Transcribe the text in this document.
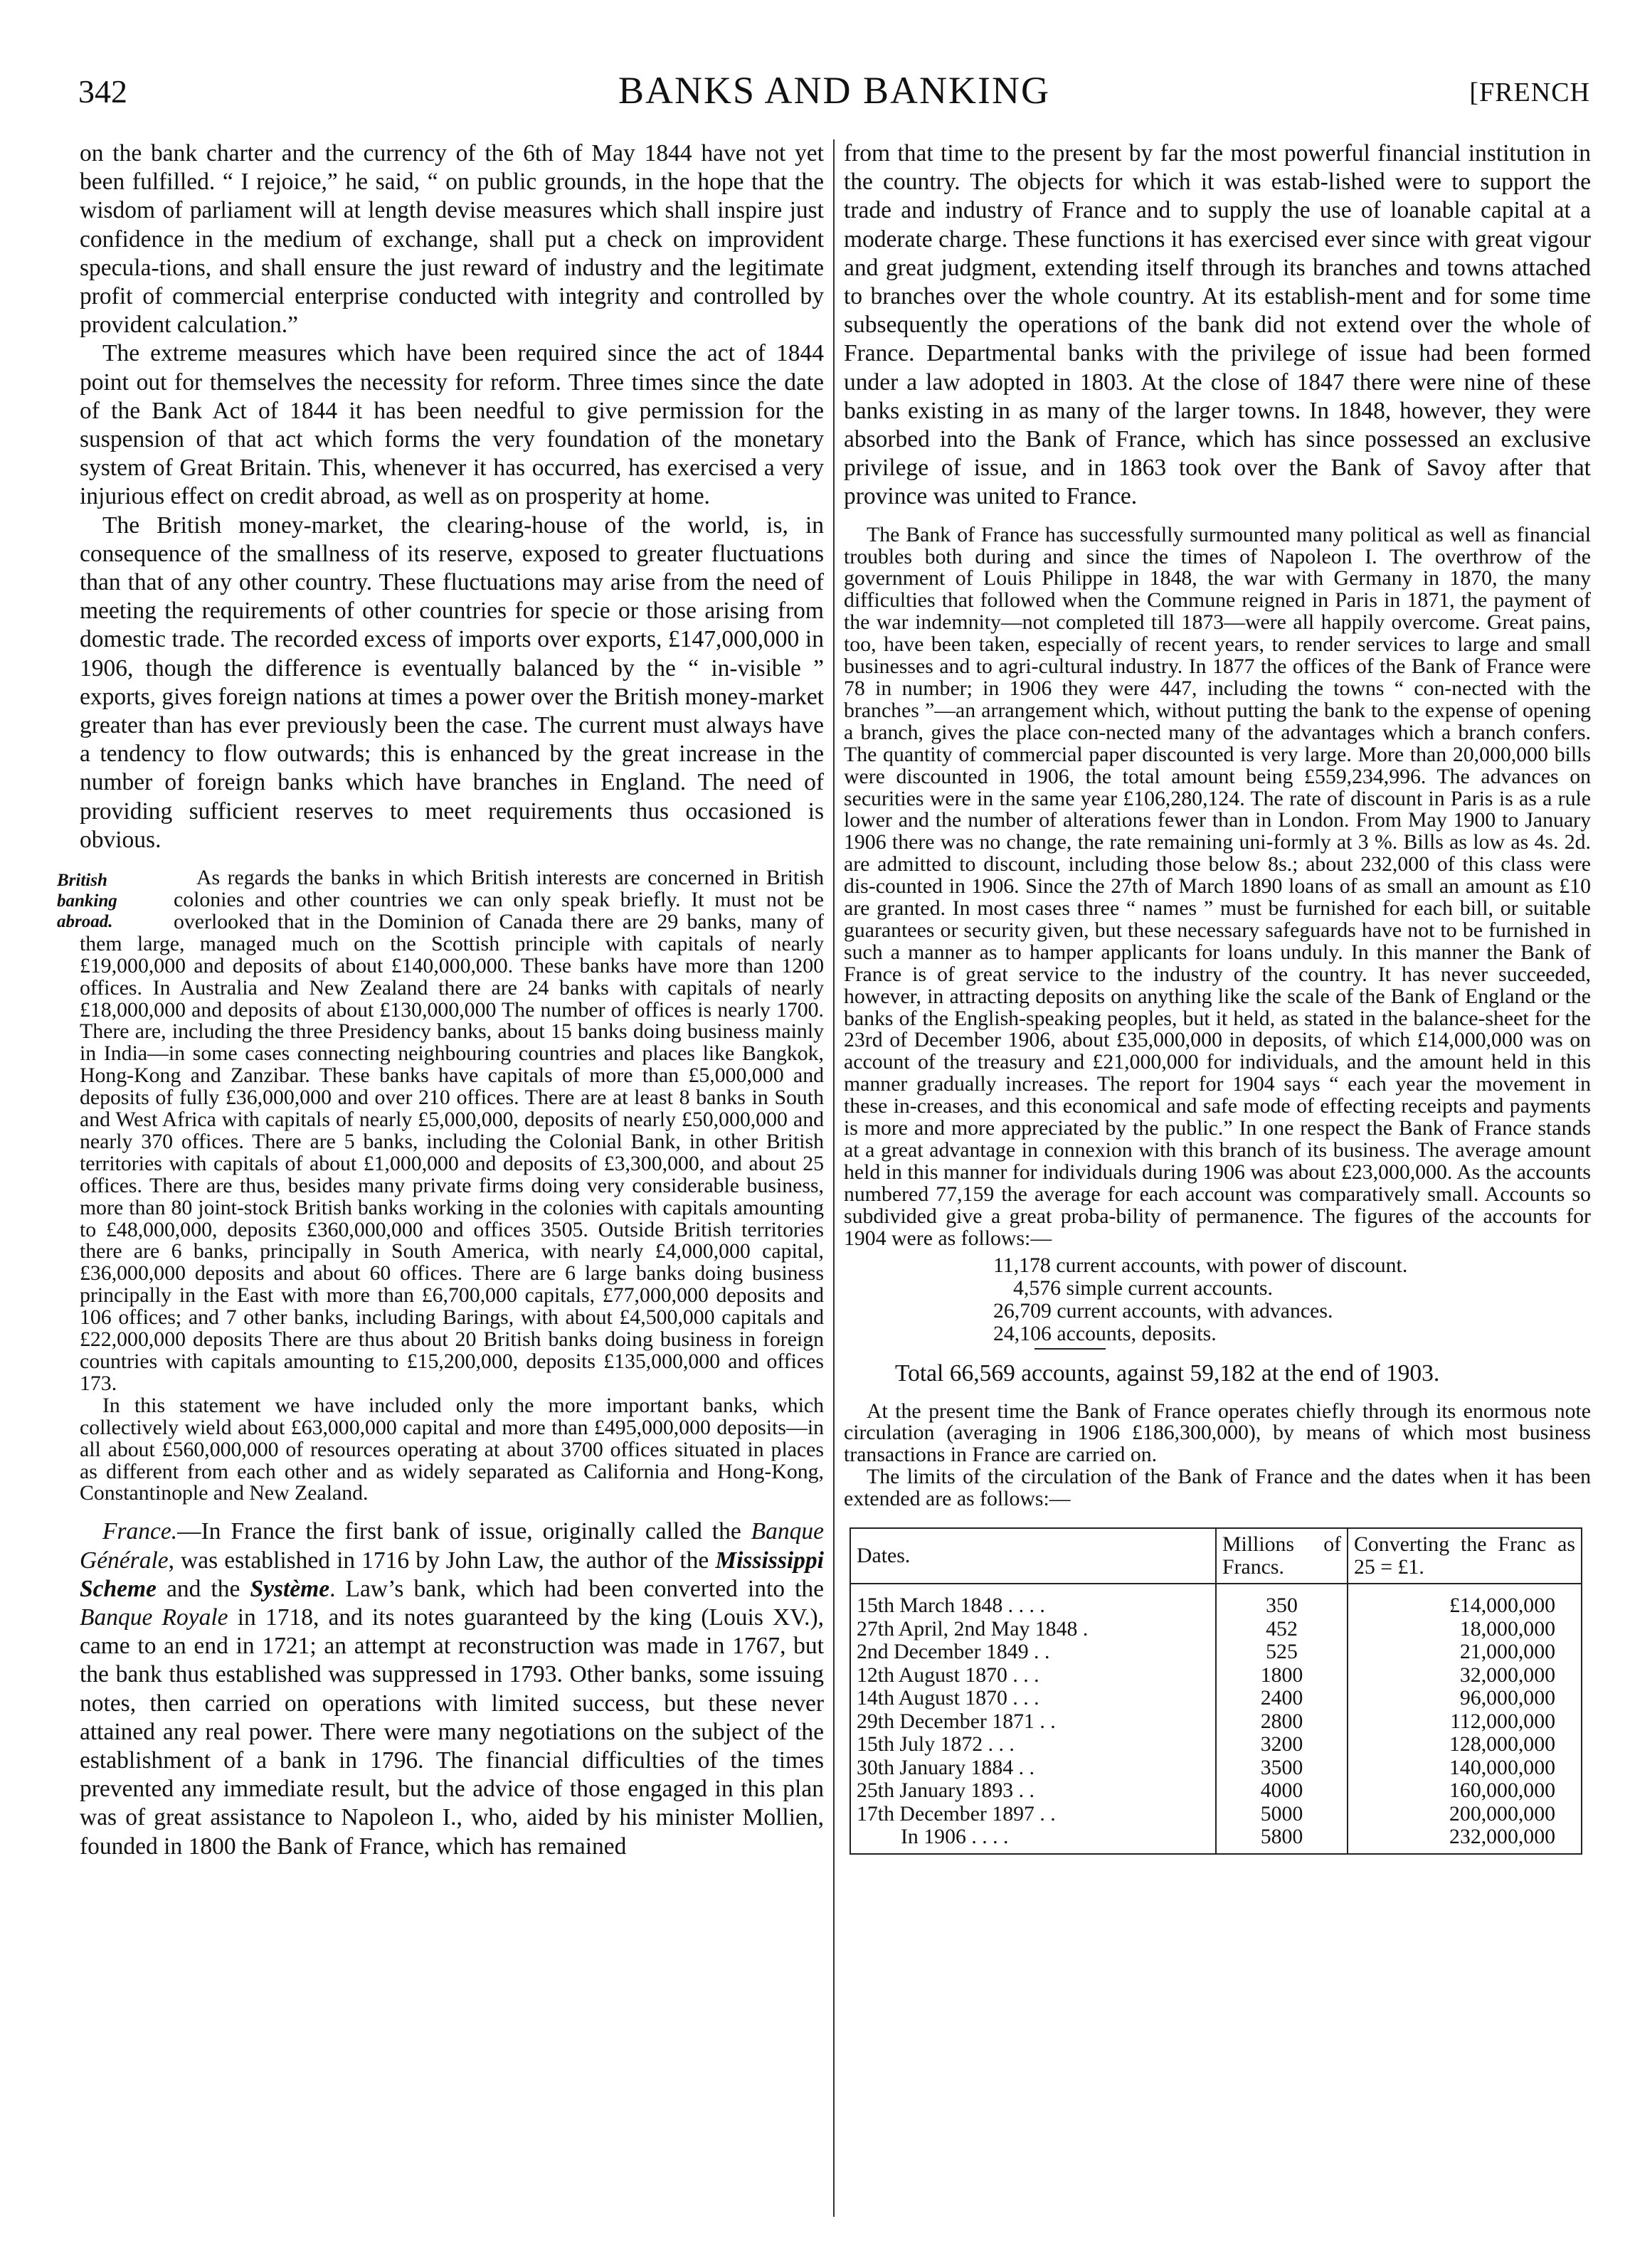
342	BANKS AND BANKING	[FRENCH

on the bank charter and the currency of the 6th of May 1844 have not yet been fulfilled. “ I rejoice,” he said, “ on public grounds, in the hope that the wisdom of parliament will at length devise measures which shall inspire just confidence in the medium of exchange, shall put a check on improvident specula-tions, and shall ensure the just reward of industry and the legitimate profit of commercial enterprise conducted with integrity and controlled by provident calculation.”

The extreme measures which have been required since the act of 1844 point out for themselves the necessity for reform. Three times since the date of the Bank Act of 1844 it has been needful to give permission for the suspension of that act which forms the very foundation of the monetary system of Great Britain. This, whenever it has occurred, has exercised a very injurious effect on credit abroad, as well as on prosperity at home.

The British money-market, the clearing-house of the world, is, in consequence of the smallness of its reserve, exposed to greater fluctuations than that of any other country. These fluctuations may arise from the need of meeting the requirements of other countries for specie or those arising from domestic trade. The recorded excess of imports over exports, £147,000,000 in 1906, though the difference is eventually balanced by the “ in-visible ” exports, gives foreign nations at times a power over the British money-market greater than has ever previously been the case. The current must always have a tendency to flow outwards; this is enhanced by the great increase in the number of foreign banks which have branches in England. The need of providing sufficient reserves to meet requirements thus occasioned is obvious.

British banking abroad.
As regards the banks in which British interests are concerned in British colonies and other countries we can only speak briefly. It must not be overlooked that in the Dominion of Canada there are 29 banks, many of them large, managed much on the Scottish principle with capitals of nearly £19,000,000 and deposits of about £140,000,000. These banks have more than 1200 offices. In Australia and New Zealand there are 24 banks with capitals of nearly £18,000,000 and deposits of about £130,000,000 The number of offices is nearly 1700. There are, including the three Presidency banks, about 15 banks doing business mainly in India—in some cases connecting neighbouring countries and places like Bangkok, Hong-Kong and Zanzibar. These banks have capitals of more than £5,000,000 and deposits of fully £36,000,000 and over 210 offices. There are at least 8 banks in South and West Africa with capitals of nearly £5,000,000, deposits of nearly £50,000,000 and nearly 370 offices. There are 5 banks, including the Colonial Bank, in other British territories with capitals of about £1,000,000 and deposits of £3,300,000, and about 25 offices. There are thus, besides many private firms doing very considerable business, more than 80 joint-stock British banks working in the colonies with capitals amounting to £48,000,000, deposits £360,000,000 and offices 3505. Outside British territories there are 6 banks, principally in South America, with nearly £4,000,000 capital, £36,000,000 deposits and about 60 offices. There are 6 large banks doing business principally in the East with more than £6,700,000 capitals, £77,000,000 deposits and 106 offices; and 7 other banks, including Barings, with about £4,500,000 capitals and £22,000,000 deposits There are thus about 20 British banks doing business in foreign countries with capitals amounting to £15,200,000, deposits £135,000,000 and offices 173.

In this statement we have included only the more important banks, which collectively wield about £63,000,000 capital and more than £495,000,000 deposits—in all about £560,000,000 of resources operating at about 3700 offices situated in places as different from each other and as widely separated as California and Hong-Kong, Constantinople and New Zealand.

France.—In France the first bank of issue, originally called the Banque Générale, was established in 1716 by John Law, the author of the Mississippi Scheme and the Système. Law’s bank, which had been converted into the Banque Royale in 1718, and its notes guaranteed by the king (Louis XV.), came to an end in 1721; an attempt at reconstruction was made in 1767, but the bank thus established was suppressed in 1793. Other banks, some issuing notes, then carried on operations with limited success, but these never attained any real power. There were many negotiations on the subject of the establishment of a bank in 1796. The financial difficulties of the times prevented any immediate result, but the advice of those engaged in this plan was of great assistance to Napoleon I., who, aided by his minister Mollien, founded in 1800 the Bank of France, which has remained

from that time to the present by far the most powerful financial institution in the country. The objects for which it was estab-lished were to support the trade and industry of France and to supply the use of loanable capital at a moderate charge. These functions it has exercised ever since with great vigour and great judgment, extending itself through its branches and towns attached to branches over the whole country. At its establish-ment and for some time subsequently the operations of the bank did not extend over the whole of France. Departmental banks with the privilege of issue had been formed under a law adopted in 1803. At the close of 1847 there were nine of these banks existing in as many of the larger towns. In 1848, however, they were absorbed into the Bank of France, which has since possessed an exclusive privilege of issue, and in 1863 took over the Bank of Savoy after that province was united to France.

The Bank of France has successfully surmounted many political as well as financial troubles both during and since the times of Napoleon I. The overthrow of the government of Louis Philippe in 1848, the war with Germany in 1870, the many difficulties that followed when the Commune reigned in Paris in 1871, the payment of the war indemnity—not completed till 1873—were all happily overcome. Great pains, too, have been taken, especially of recent years, to render services to large and small businesses and to agri-cultural industry. In 1877 the offices of the Bank of France were 78 in number; in 1906 they were 447, including the towns “ con-nected with the branches ”—an arrangement which, without putting the bank to the expense of opening a branch, gives the place con-nected many of the advantages which a branch confers. The quantity of commercial paper discounted is very large. More than 20,000,000 bills were discounted in 1906, the total amount being £559,234,996. The advances on securities were in the same year £106,280,124. The rate of discount in Paris is as a rule lower and the number of alterations fewer than in London. From May 1900 to January 1906 there was no change, the rate remaining uni-formly at 3 %. Bills as low as 4s. 2d. are admitted to discount, including those below 8s.; about 232,000 of this class were dis-counted in 1906. Since the 27th of March 1890 loans of as small an amount as £10 are granted. In most cases three “ names ” must be furnished for each bill, or suitable guarantees or security given, but these necessary safeguards have not to be furnished in such a manner as to hamper applicants for loans unduly. In this manner the Bank of France is of great service to the industry of the country. It has never succeeded, however, in attracting deposits on anything like the scale of the Bank of England or the banks of the English-speaking peoples, but it held, as stated in the balance-sheet for the 23rd of December 1906, about £35,000,000 in deposits, of which £14,000,000 was on account of the treasury and £21,000,000 for individuals, and the amount held in this manner gradually increases. The report for 1904 says “ each year the movement in these in-creases, and this economical and safe mode of effecting receipts and payments is more and more appreciated by the public.” In one respect the Bank of France stands at a great advantage in connexion with this branch of its business. The average amount held in this manner for individuals during 1906 was about £23,000,000. As the accounts numbered 77,159 the average for each account was comparatively small. Accounts so subdivided give a great proba-bility of permanence. The figures of the accounts for 1904 were as follows:—

11,178 current accounts, with power of discount.
4,576 simple current accounts.
26,709 current accounts, with advances.
24,106 accounts, deposits.
Total 66,569 accounts, against 59,182 at the end of 1903.

At the present time the Bank of France operates chiefly through its enormous note circulation (averaging in 1906 £186,300,000), by means of which most business transactions in France are carried on.

The limits of the circulation of the Bank of France and the dates when it has been extended are as follows:—

Dates.	Millions of Francs.	Converting the Franc as 25 = £1.
15th March 1848 . . . .	350	£14,000,000
27th April, 2nd May 1848 .	452	18,000,000
2nd December 1849 . .	525	21,000,000
12th August 1870 . . .	1800	32,000,000
14th August 1870 . . .	2400	96,000,000
29th December 1871 . .	2800	112,000,000
15th July 1872 . . .	3200	128,000,000
30th January 1884 . .	3500	140,000,000
25th January 1893 . .	4000	160,000,000
17th December 1897 . .	5000	200,000,000
In 1906 . . . .	5800	232,000,000
